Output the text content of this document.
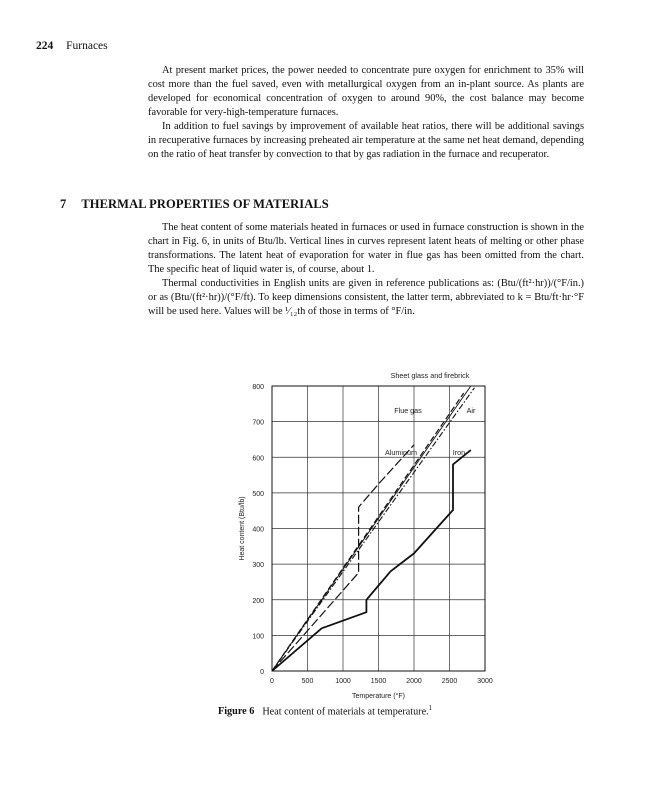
224 Furnaces

At present market prices, the power needed to concentrate pure oxygen for enrichment to 35% will cost more than the fuel saved, even with metallurgical oxygen from an in-plant source. As plants are developed for economical concentration of oxygen to around 90%, the cost balance may become favorable for very-high-temperature furnaces.

In addition to fuel savings by improvement of available heat ratios, there will be additional savings in recuperative furnaces by increasing preheated air temperature at the same net heat demand, depending on the ratio of heat transfer by convection to that by gas radiation in the furnace and recuperator.

7 THERMAL PROPERTIES OF MATERIALS

The heat content of some materials heated in furnaces or used in furnace construction is shown in the chart in Fig. 6, in units of Btu/lb. Vertical lines in curves represent latent heats of melting or other phase transformations. The latent heat of evaporation for water in flue gas has been omitted from the chart. The specific heat of liquid water is, of course, about 1.

Thermal conductivities in English units are given in reference publications as: (Btu/(ft²·hr))/(°F/in.) or as (Btu/(ft²·hr))/(°F/ft). To keep dimensions consistent, the latter term, abbreviated to k = Btu/ft·hr·°F will be used here. Values will be ¹⁄₁₂th of those in terms of °F/in.

0
100
200
300
400
500
600
700
800
0	500	1000	1500	2000	2500	3000
Temperature (°F)
Heat content (Btu/lb)
Sheet glass and firebrick
Flue gas	Air
Aluminum	Iron
Figure 6 Heat content of materials at temperature.$^1$
